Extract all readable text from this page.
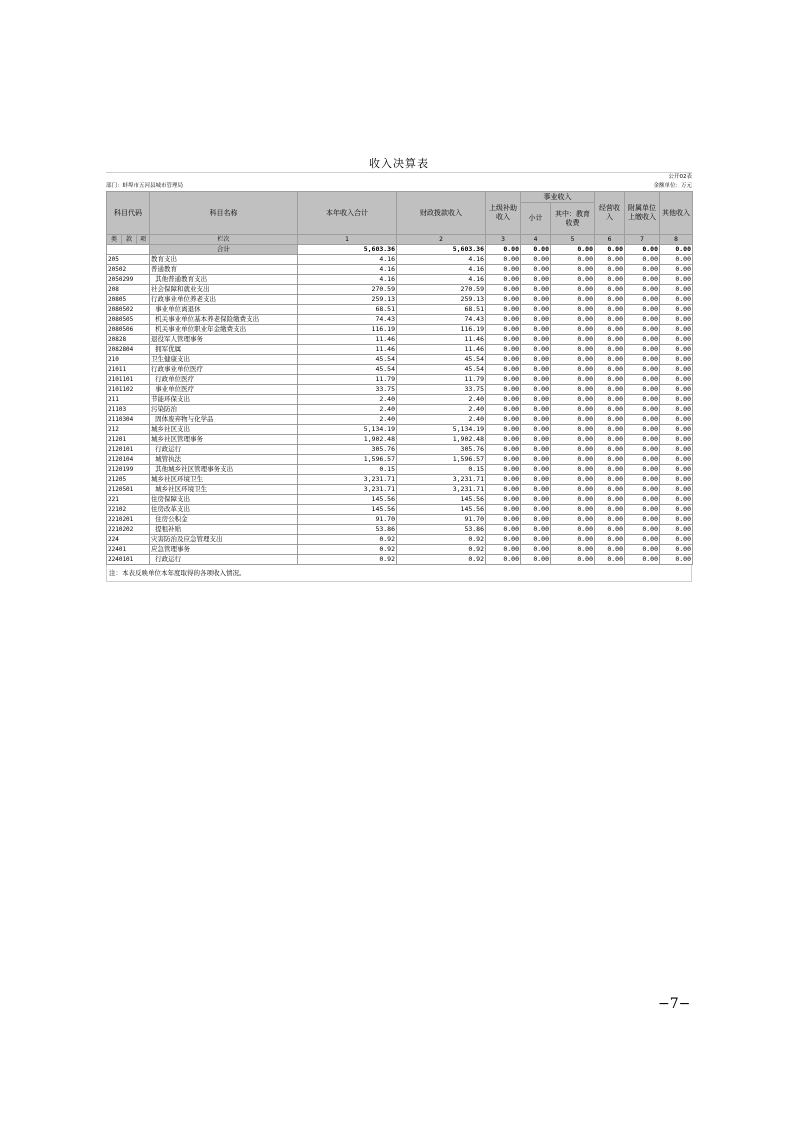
收入决算表
公开02表
部门：蚌埠市五河县城市管理局	金额单位：万元
科目代码			科目名称	本年收入合计	财政拨款收入	上级补助收入	事业收入		经营收入	附属单位上缴收入	其他收入
							小计	其中：教育收费			
类	款	项	栏次	1	2	3	4	5	6	7	8
			合计	5,603.36	5,603.36	0.00	0.00	0.00	0.00	0.00	0.00
205			教育支出	4.16	4.16	0.00	0.00	0.00	0.00	0.00	0.00
20502			普通教育	4.16	4.16	0.00	0.00	0.00	0.00	0.00	0.00
2050299			其他普通教育支出	4.16	4.16	0.00	0.00	0.00	0.00	0.00	0.00
208			社会保障和就业支出	270.59	270.59	0.00	0.00	0.00	0.00	0.00	0.00
20805			行政事业单位养老支出	259.13	259.13	0.00	0.00	0.00	0.00	0.00	0.00
2080502			事业单位离退休	68.51	68.51	0.00	0.00	0.00	0.00	0.00	0.00
2080505			机关事业单位基本养老保险缴费支出	74.43	74.43	0.00	0.00	0.00	0.00	0.00	0.00
2080506			机关事业单位职业年金缴费支出	116.19	116.19	0.00	0.00	0.00	0.00	0.00	0.00
20828			退役军人管理事务	11.46	11.46	0.00	0.00	0.00	0.00	0.00	0.00
2082804			拥军优属	11.46	11.46	0.00	0.00	0.00	0.00	0.00	0.00
210			卫生健康支出	45.54	45.54	0.00	0.00	0.00	0.00	0.00	0.00
21011			行政事业单位医疗	45.54	45.54	0.00	0.00	0.00	0.00	0.00	0.00
2101101			行政单位医疗	11.79	11.79	0.00	0.00	0.00	0.00	0.00	0.00
2101102			事业单位医疗	33.75	33.75	0.00	0.00	0.00	0.00	0.00	0.00
211			节能环保支出	2.40	2.40	0.00	0.00	0.00	0.00	0.00	0.00
21103			污染防治	2.40	2.40	0.00	0.00	0.00	0.00	0.00	0.00
2110304			固体废弃物与化学品	2.40	2.40	0.00	0.00	0.00	0.00	0.00	0.00
212			城乡社区支出	5,134.19	5,134.19	0.00	0.00	0.00	0.00	0.00	0.00
21201			城乡社区管理事务	1,902.48	1,902.48	0.00	0.00	0.00	0.00	0.00	0.00
2120101			行政运行	305.76	305.76	0.00	0.00	0.00	0.00	0.00	0.00
2120104			城管执法	1,596.57	1,596.57	0.00	0.00	0.00	0.00	0.00	0.00
2120199			其他城乡社区管理事务支出	0.15	0.15	0.00	0.00	0.00	0.00	0.00	0.00
21205			城乡社区环境卫生	3,231.71	3,231.71	0.00	0.00	0.00	0.00	0.00	0.00
2120501			城乡社区环境卫生	3,231.71	3,231.71	0.00	0.00	0.00	0.00	0.00	0.00
221			住房保障支出	145.56	145.56	0.00	0.00	0.00	0.00	0.00	0.00
22102			住房改革支出	145.56	145.56	0.00	0.00	0.00	0.00	0.00	0.00
2210201			住房公积金	91.70	91.70	0.00	0.00	0.00	0.00	0.00	0.00
2210202			提租补贴	53.86	53.86	0.00	0.00	0.00	0.00	0.00	0.00
224			灾害防治及应急管理支出	0.92	0.92	0.00	0.00	0.00	0.00	0.00	0.00
22401			应急管理事务	0.92	0.92	0.00	0.00	0.00	0.00	0.00	0.00
2240101			行政运行	0.92	0.92	0.00	0.00	0.00	0.00	0.00	0.00
注：本表反映单位本年度取得的各项收入情况。
−7−
